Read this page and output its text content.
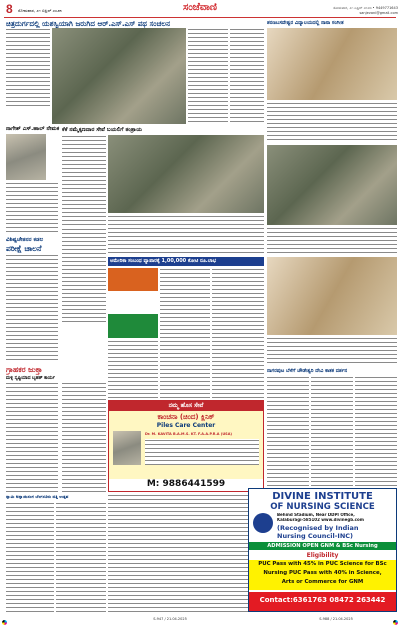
8 ಸೋಮವಾರ, ೨೧ ಏಪ್ರಿಲ್ ೨೦೨೫	ಸಂಜೆವಾಣಿ	ಸೋಮವಾರ, ೨೧ ಏಪ್ರಿಲ್ ೨೦೨೫ • 9449771643
sanjevani@gmail.com
ಚಿತ್ರದುರ್ಗದಲ್ಲಿ ಯಶಸ್ವಿಯಾಗಿ ಜರುಗಿದ ಆರ್.ಎಸ್.ಎಸ್ ಪಥ ಸಂಚಲನ	ಶರಣಬಸವೇಶ್ವರ ವಿದ್ಯಾಲಯದಲ್ಲಿ ನಾನಾ ಸಂಗೀತ
ನಾಗೇಶ್ ಎಸ್.ಹಾಲ್ ನೇಮಕ ಕೆಕೆ ನಮ್ಮೆಕ್ಕಣದಾರ ಸೇವೆ ಬಯಲಿಗೆ ತಂತ್ರಾಯ
ವಿಶಿಷ್ಟಚೇತನರ ಕಡಲ
ಪರೀಕ್ಷೆ ಚಾಲನೆ
ಅಮೇರಿಕಾ ಸಂಬಂಧ ವ್ಯಾಪಾರಕ್ಕೆ 1,00,000 ಕೋಟಿ ರೂ.ಲಾಭ
ಗ್ರಾಹಕರ ಜುಕ್ತಾ
ಮಳ್ಳಿ ಸೃಷ್ಟಿಯಾದ ಬೃಹತ್ ಕಾರ್ಯ
ನಾಗರಪುಟ ಬೆಳೆಗೆ ಚೌಡೇಶ್ವರಿ ದೇವಿ ಕಾತಕ ದರ್ಶನ
ನಮ್ಮ ಹೊಸ ಸೇವೆ
ಕಾಂಚನಾ (ಚಿಂದ) ಕ್ಲಿನಿಕ್
Piles Care Center
Dr. M. KAVITA B.A.M.S. KT. F.A.A.P.R.A (USA)
M: 9886441599
ಸ್ವಾಮಿ ಅಸ್ವಾಯಿಸಂಗ ಬೆಂಗಳೂರು ದತ್ತಿ ಉತ್ಸವ	DIVINE INSTITUTE
OF NURSING SCIENCE
Behind Stadium, Near DDPI Office,
Kalaburagi-585102 www.divinegb.com
(Recognised by Indian
Nursing Council-INC)
ADMISSION OPEN GNM & BSc Nursing
Eligibility
PUC Pass with 45% in PUC Science for BSc
Nursing PUC Pass with 40% in Science,
Arts or Commerce for GNM
Contact:6361763 08472 263442
S-947 / 21.04.2025	S-988 / 21.04.2025
